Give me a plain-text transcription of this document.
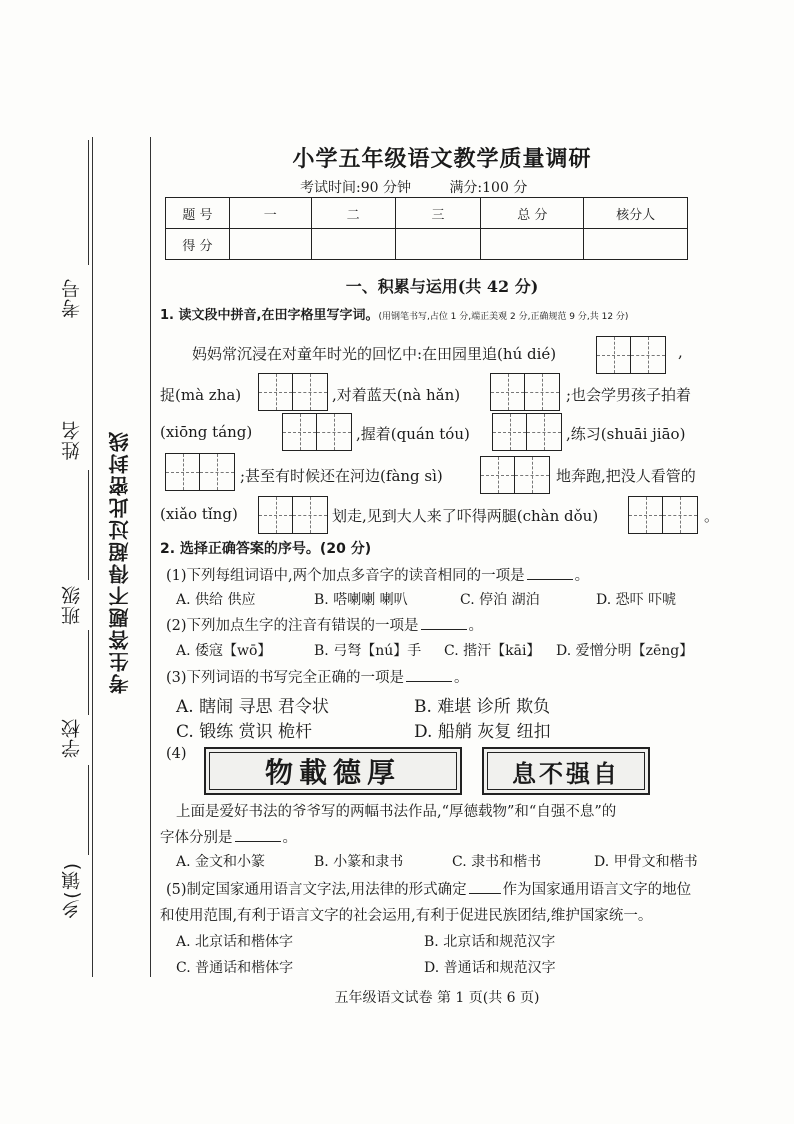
考号
姓名
班级
学校
乡(镇)
考生答题不得超过此密封线
小学五年级语文教学质量调研
考试时间:90 分钟	满分:100 分
题 号	一	二	三	总 分	核分人
得 分					
一、积累与运用(共 42 分)
1. 读文段中拼音,在田字格里写字词。(用钢笔书写,占位 1 分,端正美观 2 分,正确规范 9 分,共 12 分)
妈妈常沉浸在对童年时光的回忆中:在田园里追(hú dié)	,
捉(mà zha)	,对着蓝天(nà hǎn)	;也会学男孩子拍着
(xiōng táng)	,握着(quán tóu)	,练习(shuāi jiāo)
;甚至有时候还在河边(fàng sì)	地奔跑,把没人看管的
(xiǎo tǐng)	划走,见到大人来了吓得两腿(chàn dǒu)	。
2. 选择正确答案的序号。(20 分)
(1)下列每组词语中,两个加点多音字的读音相同的一项是	。
A. 供给 供应	B. 嗒喇喇 喇叭	C. 停泊 湖泊	D. 恐吓 吓唬
(2)下列加点生字的注音有错误的一项是	。
A. 倭寇【wō】	B. 弓弩【nú】手 C. 揩汗【kāi】 D. 爱憎分明【zēng】
(3)下列词语的书写完全正确的一项是	。
A. 瞎闹 寻思 君令状	B. 难堪 诊所 欺负
C. 锻练 赏识 桅杆	D. 船艄 灰复 纽扣
(4)
物載德厚	息不强自
上面是爱好书法的爷爷写的两幅书法作品,“厚德载物”和“自强不息”的
字体分别是	。
A. 金文和小篆	B. 小篆和隶书	C. 隶书和楷书	D. 甲骨文和楷书
(5)制定国家通用语言文字法,用法律的形式确定 作为国家通用语言文字的地位
和使用范围,有利于语言文字的社会运用,有利于促进民族团结,维护国家统一。
A. 北京话和楷体字	B. 北京话和规范汉字
C. 普通话和楷体字	D. 普通话和规范汉字
五年级语文试卷 第 1 页(共 6 页)
